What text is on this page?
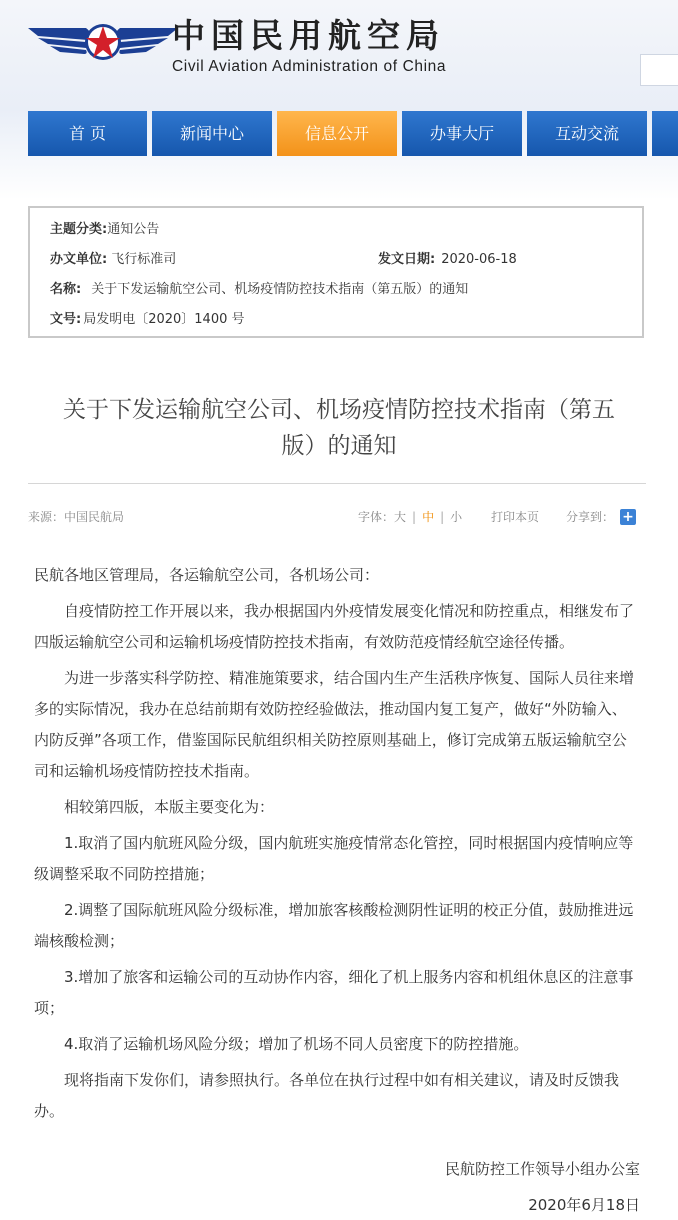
中国民用航空局
Civil Aviation Administration of China
首 页	新闻中心	信息公开	办事大厅	互动交流
主题分类:通知公告
办文单位: 飞行标准司	发文日期: 2020-06-18
名称: 关于下发运输航空公司、机场疫情防控技术指南（第五版）的通知
文号: 局发明电〔2020〕1400 号
关于下发运输航空公司、机场疫情防控技术指南（第五
版）的通知
来源：中国民航局	字体：大 | 中 | 小 打印本页 分享到： +

民航各地区管理局，各运输航空公司，各机场公司：

自疫情防控工作开展以来，我办根据国内外疫情发展变化情况和防控重点，相继发布了四版运输航空公司和运输机场疫情防控技术指南，有效防范疫情经航空途径传播。

为进一步落实科学防控、精准施策要求，结合国内生产生活秩序恢复、国际人员往来增多的实际情况，我办在总结前期有效防控经验做法，推动国内复工复产，做好“外防输入、内防反弹”各项工作，借鉴国际民航组织相关防控原则基础上，修订完成第五版运输航空公司和运输机场疫情防控技术指南。

相较第四版，本版主要变化为：

1.取消了国内航班风险分级，国内航班实施疫情常态化管控，同时根据国内疫情响应等级调整采取不同防控措施；

2.调整了国际航班风险分级标准，增加旅客核酸检测阴性证明的校正分值，鼓励推进远端核酸检测；

3.增加了旅客和运输公司的互动协作内容，细化了机上服务内容和机组休息区的注意事项；

4.取消了运输机场风险分级；增加了机场不同人员密度下的防控措施。

现将指南下发你们，请参照执行。各单位在执行过程中如有相关建议，请及时反馈我办。

民航防控工作领导小组办公室
2020年6月18日
